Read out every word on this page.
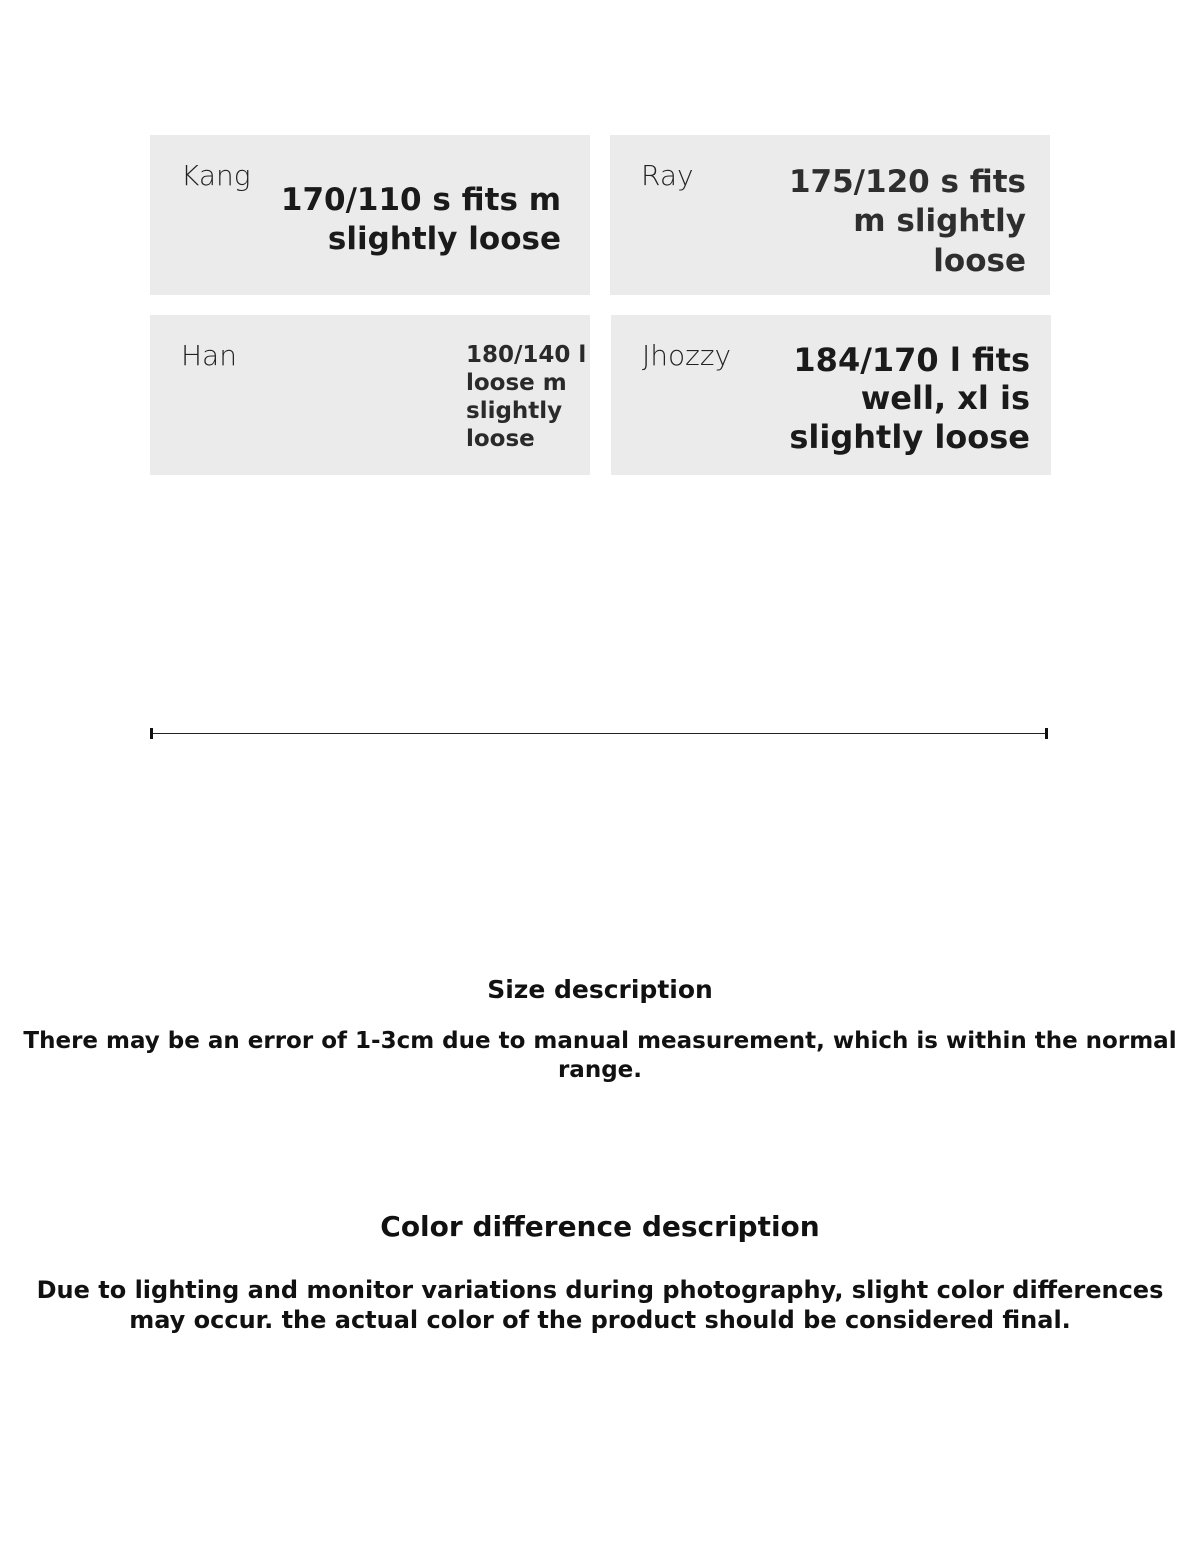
Kang
170/110 s fits m slightly loose
Ray	175/120 s fits m slightly loose
Han	180/140 l loose m slightly loose
Jhozzy	184/170 l fits well, xl is slightly loose
Size description
There may be an error of 1-3cm due to manual measurement, which is within the normal range.
Color difference description
Due to lighting and monitor variations during photography, slight color differences may occur. the actual color of the product should be considered final.
